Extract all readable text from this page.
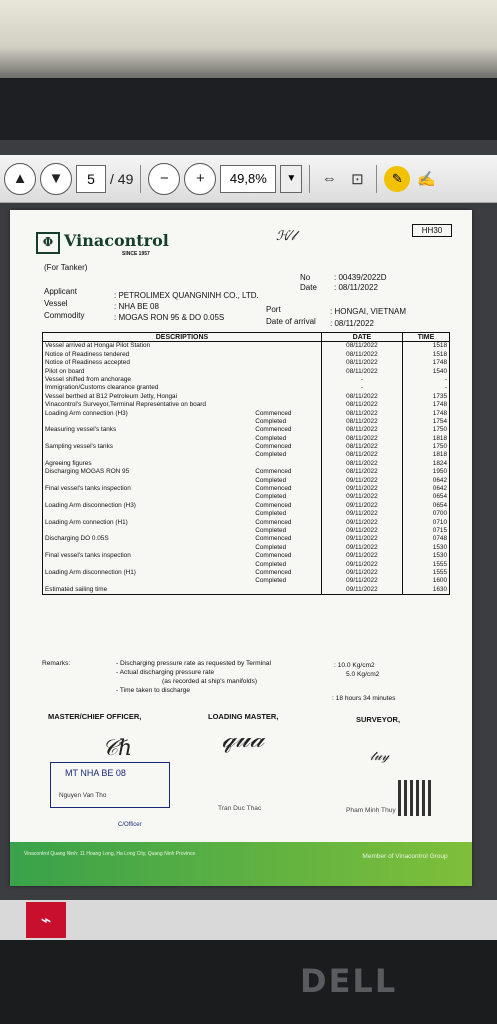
▲	▼	5	/ 49	−	+	49,8%	▼	⇔ ⊡	✎ ✍
HH30
Φ Vinacontrol
SINCE 1957
ℋ⁄𝓁
(For Tanker)
No	: 00439/2022D
Date : 08/11/2022
Applicant	: PETROLIMEX QUANGNINH CO., LTD.
Vessel	: NHA BE 08
Commodity	: MOGAS RON 95 & DO 0.05S
Port	: HONGAI, VIETNAM
Date of arrival : 08/11/2022
DESCRIPTIONS		DATE	TIME
Vessel arrived at Hongai Pilot Station		08/11/2022	1518
Notice of Readiness tendered		08/11/2022	1518
Notice of Readiness accepted		08/11/2022	1748
Pilot on board		08/11/2022	1540
Vessel shifted from anchorage		-	-
Immigration/Customs clearance granted		-	-
Vessel berthed at B12 Petroleum Jetty, Hongai		08/11/2022	1735
Vinacontrol's Surveyor,Terminal Representative on board		08/11/2022	1748
Loading Arm connection (H3)	Commenced	08/11/2022	1748
	Completed	08/11/2022	1754
Measuring vessel's tanks	Commenced	08/11/2022	1750
	Completed	08/11/2022	1818
Sampling vessel's tanks	Commenced	08/11/2022	1750
	Completed	08/11/2022	1818
Agreeing figures		08/11/2022	1824
Discharging MOGAS RON 95	Commenced	08/11/2022	1950
	Completed	09/11/2022	0642
Final vessel's tanks inspection	Commenced	09/11/2022	0642
	Completed	09/11/2022	0654
Loading Arm disconnection (H3)	Commenced	09/11/2022	0654
	Completed	09/11/2022	0700
Loading Arm connection (H1)	Commenced	09/11/2022	0710
	Completed	09/11/2022	0715
Discharging DO 0.05S	Commenced	09/11/2022	0748
	Completed	09/11/2022	1530
Final vessel's tanks inspection	Commenced	09/11/2022	1530
	Completed	09/11/2022	1555
Loading Arm disconnection (H1)	Commenced	09/11/2022	1555
	Completed	09/11/2022	1600
Estimated sailing time		09/11/2022	1630
Remarks:	- Discharging pressure rate as requested by Terminal	: 10.0 Kg/cm2
- Actual discharging pressure rate	5.0 Kg/cm2
(as recorded at ship's manifolds)
- Time taken to discharge
: 18 hours 34 minutes
MASTER/CHIEF OFFICER,	LOADING MASTER,	SURVEYOR,
𝒞ℏ	𝓆𝓊𝒶
𝓉𝓊𝓎
MT NHA BE 08
Nguyen Van Tho
C/Officer
Tran Duc Thac	Pham Minh Thuy
Vinacontrol Quang Ninh: 11 Hoang Long, Ha Long City, Quang Ninh Province	Member of Vinacontrol Group
⌁
DELL
